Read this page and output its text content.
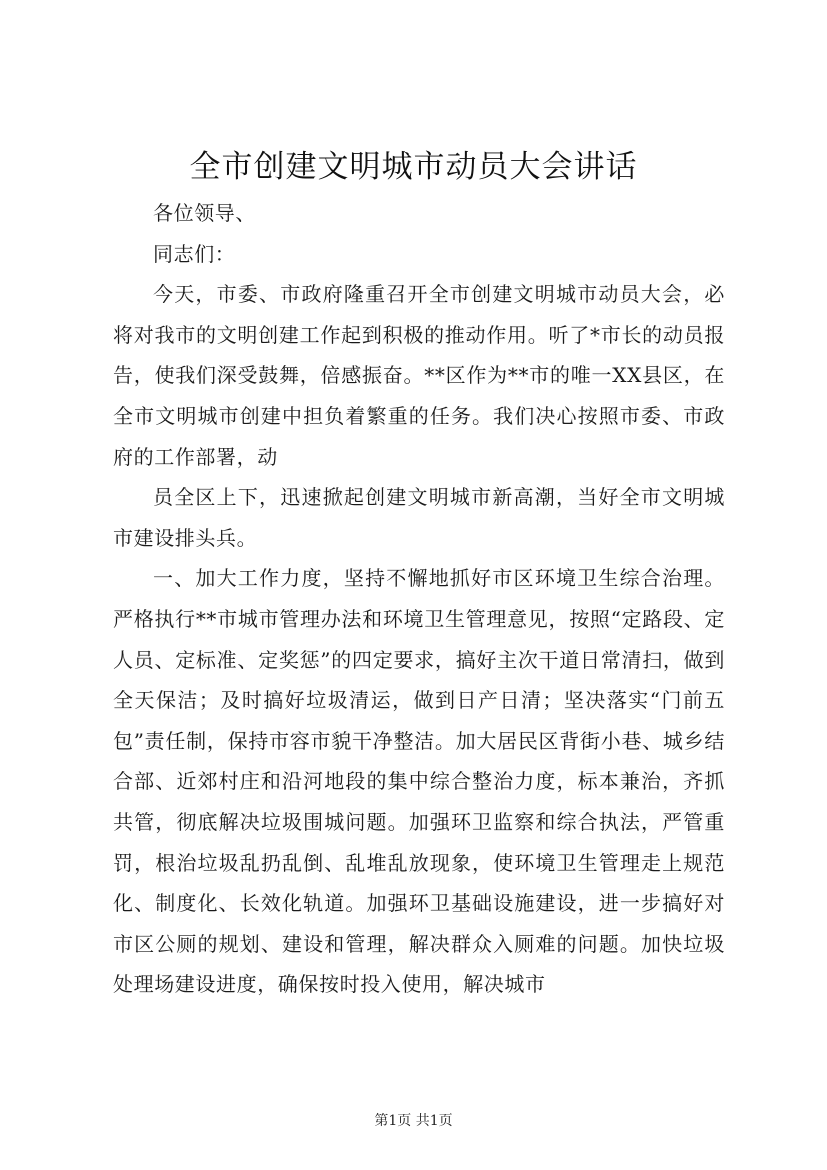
全市创建文明城市动员大会讲话

各位领导、

同志们：

今天，市委、市政府隆重召开全市创建文明城市动员大会，必将对我市的文明创建工作起到积极的推动作用。听了*市长的动员报告，使我们深受鼓舞，倍感振奋。**区作为**市的唯一XX县区，在全市文明城市创建中担负着繁重的任务。我们决心按照市委、市政府的工作部署，动

员全区上下，迅速掀起创建文明城市新高潮，当好全市文明城市建设排头兵。

一、加大工作力度，坚持不懈地抓好市区环境卫生综合治理。严格执行**市城市管理办法和环境卫生管理意见，按照“定路段、定人员、定标准、定奖惩”的四定要求，搞好主次干道日常清扫，做到全天保洁；及时搞好垃圾清运，做到日产日清；坚决落实“门前五包”责任制，保持市容市貌干净整洁。加大居民区背街小巷、城乡结合部、近郊村庄和沿河地段的集中综合整治力度，标本兼治，齐抓共管，彻底解决垃圾围城问题。加强环卫监察和综合执法，严管重罚，根治垃圾乱扔乱倒、乱堆乱放现象，使环境卫生管理走上规范化、制度化、长效化轨道。加强环卫基础设施建设，进一步搞好对市区公厕的规划、建设和管理，解决群众入厕难的问题。加快垃圾处理场建设进度，确保按时投入使用，解决城市

第1页 共1页
